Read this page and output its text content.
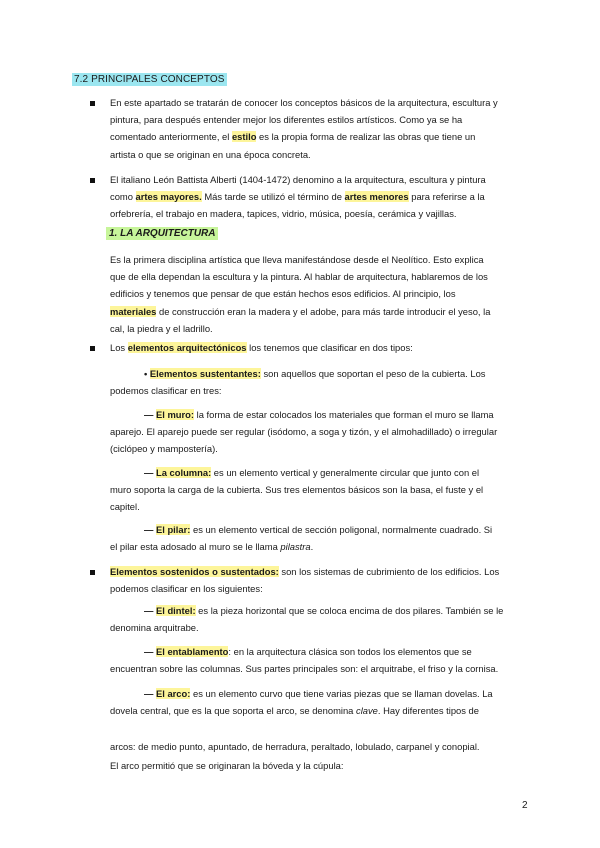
7.2 PRINCIPALES CONCEPTOS

En este apartado se tratarán de conocer los conceptos básicos de la arquitectura, escultura y

pintura, para después entender mejor los diferentes estilos artísticos. Como ya se ha

comentado anteriormente, el estilo es la propia forma de realizar las obras que tiene un

artista o que se originan en una época concreta.

El italiano León Battista Alberti (1404-1472) denomino a la arquitectura, escultura y pintura

como artes mayores. Más tarde se utilizó el término de artes menores para referirse a la

orfebrería, el trabajo en madera, tapices, vidrio, música, poesía, cerámica y vajillas.

1. LA ARQUITECTURA

Es la primera disciplina artística que lleva manifestándose desde el Neolítico. Esto explica

que de ella dependan la escultura y la pintura. Al hablar de arquitectura, hablaremos de los

edificios y tenemos que pensar de que están hechos esos edificios. Al principio, los

materiales de construcción eran la madera y el adobe, para más tarde introducir el yeso, la

cal, la piedra y el ladrillo.

Los elementos arquitectónicos los tenemos que clasificar en dos tipos:

• Elementos sustentantes: son aquellos que soportan el peso de la cubierta. Los

podemos clasificar en tres:

— El muro: la forma de estar colocados los materiales que forman el muro se llama

aparejo. El aparejo puede ser regular (isódomo, a soga y tizón, y el almohadillado) o irregular

(ciclópeo y mampostería).

— La columna: es un elemento vertical y generalmente circular que junto con el

muro soporta la carga de la cubierta. Sus tres elementos básicos son la basa, el fuste y el

capitel.

— El pilar: es un elemento vertical de sección poligonal, normalmente cuadrado. Si

el pilar esta adosado al muro se le llama pilastra.

Elementos sostenidos o sustentados: son los sistemas de cubrimiento de los edificios. Los

podemos clasificar en los siguientes:

— El dintel: es la pieza horizontal que se coloca encima de dos pilares. También se le

denomina arquitrabe.

— El entablamento: en la arquitectura clásica son todos los elementos que se

encuentran sobre las columnas. Sus partes principales son: el arquitrabe, el friso y la cornisa.

— El arco: es un elemento curvo que tiene varias piezas que se llaman dovelas. La

dovela central, que es la que soporta el arco, se denomina clave. Hay diferentes tipos de

arcos: de medio punto, apuntado, de herradura, peraltado, lobulado, carpanel y conopial.

El arco permitió que se originaran la bóveda y la cúpula:

2
